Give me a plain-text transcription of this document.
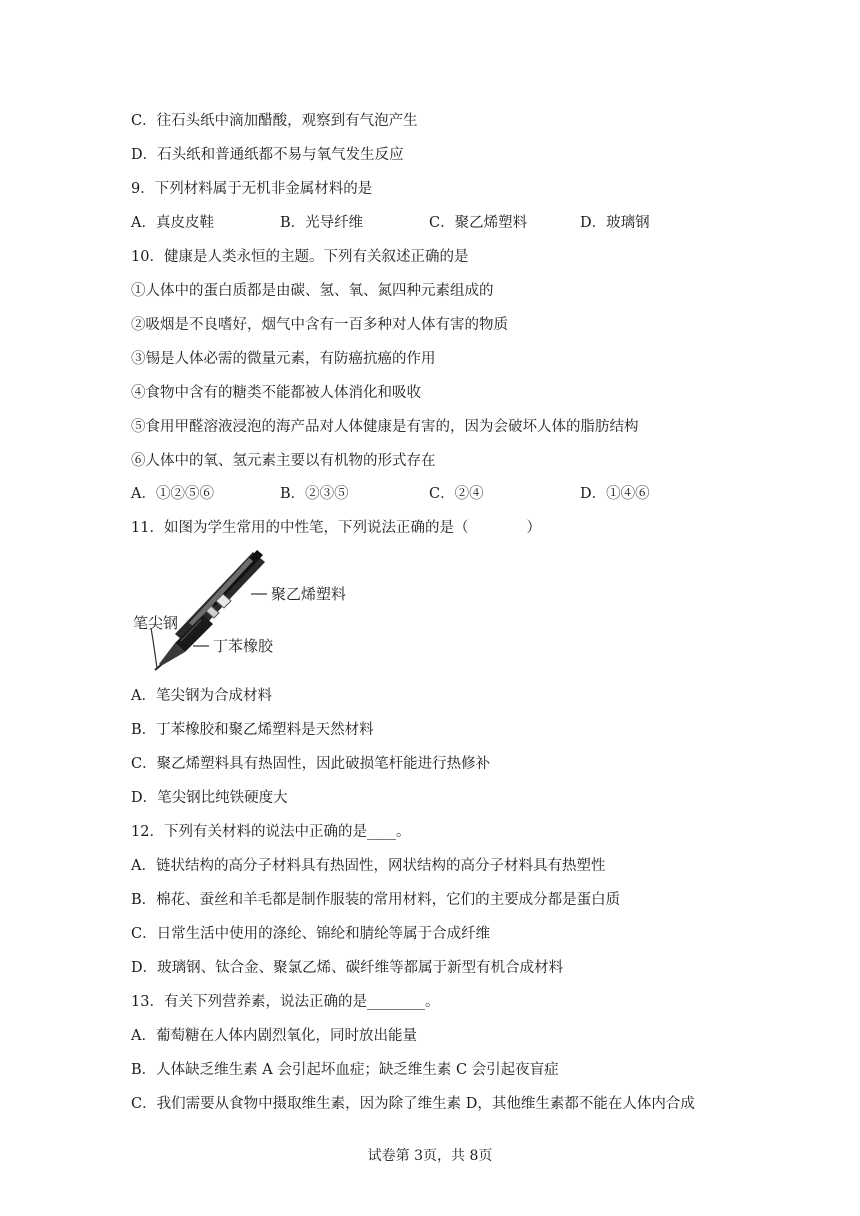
C．往石头纸中滴加醋酸，观察到有气泡产生
D．石头纸和普通纸都不易与氧气发生反应
9．下列材料属于无机非金属材料的是
A．真皮皮鞋	B．光导纤维	C．聚乙烯塑料	D．玻璃钢
10．健康是人类永恒的主题。下列有关叙述正确的是
①人体中的蛋白质都是由碳、氢、氧、氮四种元素组成的
②吸烟是不良嗜好，烟气中含有一百多种对人体有害的物质
③锡是人体必需的微量元素，有防癌抗癌的作用
④食物中含有的糖类不能都被人体消化和吸收
⑤食用甲醛溶液浸泡的海产品对人体健康是有害的，因为会破坏人体的脂肪结构
⑥人体中的氧、氢元素主要以有机物的形式存在
A．①②⑤⑥	B．②③⑤	C．②④	D．①④⑥
11．如图为学生常用的中性笔，下列说法正确的是（　　　　）
聚乙烯塑料
笔尖钢
丁苯橡胶
A．笔尖钢为合成材料
B．丁苯橡胶和聚乙烯塑料是天然材料
C．聚乙烯塑料具有热固性，因此破损笔杆能进行热修补
D．笔尖钢比纯铁硬度大
12．下列有关材料的说法中正确的是____。
A．链状结构的高分子材料具有热固性，网状结构的高分子材料具有热塑性
B．棉花、蚕丝和羊毛都是制作服装的常用材料，它们的主要成分都是蛋白质
C．日常生活中使用的涤纶、锦纶和腈纶等属于合成纤维
D．玻璃钢、钛合金、聚氯乙烯、碳纤维等都属于新型有机合成材料
13．有关下列营养素，说法正确的是________。
A．葡萄糖在人体内剧烈氧化，同时放出能量
B．人体缺乏维生素 A 会引起坏血症；缺乏维生素 C 会引起夜盲症
C．我们需要从食物中摄取维生素，因为除了维生素 D，其他维生素都不能在人体内合成
试卷第 3页，共 8页
